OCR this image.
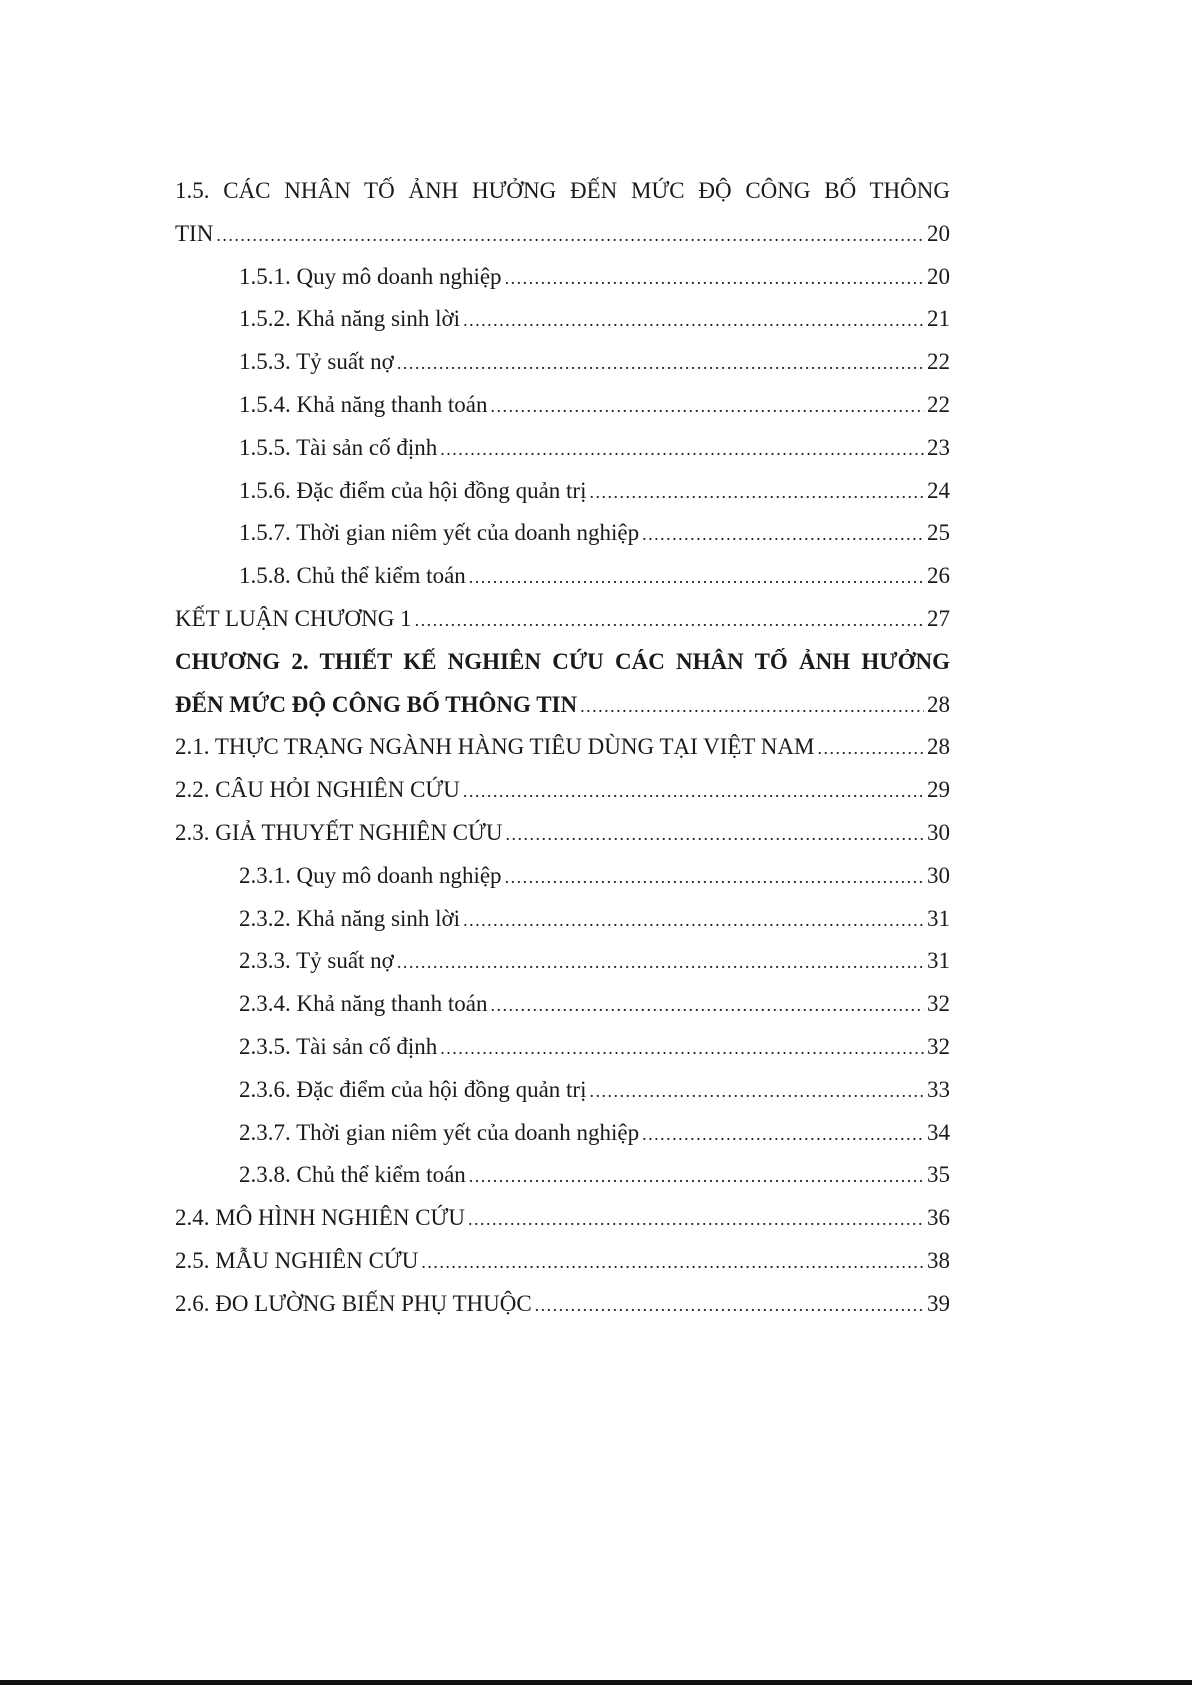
1.5. CÁC NHÂN TỐ ẢNH HƯỞNG ĐẾN MỨC ĐỘ CÔNG BỐ THÔNG
TIN .....	20
1.5.1. Quy mô doanh nghiệp .....	20
1.5.2. Khả năng sinh lời .....	21
1.5.3. Tỷ suất nợ .....	22
1.5.4. Khả năng thanh toán .....	22
1.5.5. Tài sản cố định .....	23
1.5.6. Đặc điểm của hội đồng quản trị .....	24
1.5.7. Thời gian niêm yết của doanh nghiệp .....	25
1.5.8. Chủ thể kiểm toán .....	26
KẾT LUẬN CHƯƠNG 1 .....	27
CHƯƠNG 2. THIẾT KẾ NGHIÊN CỨU CÁC NHÂN TỐ ẢNH HƯỞNG
ĐẾN MỨC ĐỘ CÔNG BỐ THÔNG TIN .....	28
2.1. THỰC TRẠNG NGÀNH HÀNG TIÊU DÙNG TẠI VIỆT NAM .....	28
2.2. CÂU HỎI NGHIÊN CỨU .....	29
2.3. GIẢ THUYẾT NGHIÊN CỨU .....	30
2.3.1. Quy mô doanh nghiệp .....	30
2.3.2. Khả năng sinh lời .....	31
2.3.3. Tỷ suất nợ .....	31
2.3.4. Khả năng thanh toán .....	32
2.3.5. Tài sản cố định .....	32
2.3.6. Đặc điểm của hội đồng quản trị .....	33
2.3.7. Thời gian niêm yết của doanh nghiệp .....	34
2.3.8. Chủ thể kiểm toán .....	35
2.4. MÔ HÌNH NGHIÊN CỨU .....	36
2.5. MẪU NGHIÊN CỨU .....	38
2.6. ĐO LƯỜNG BIẾN PHỤ THUỘC .....	39
